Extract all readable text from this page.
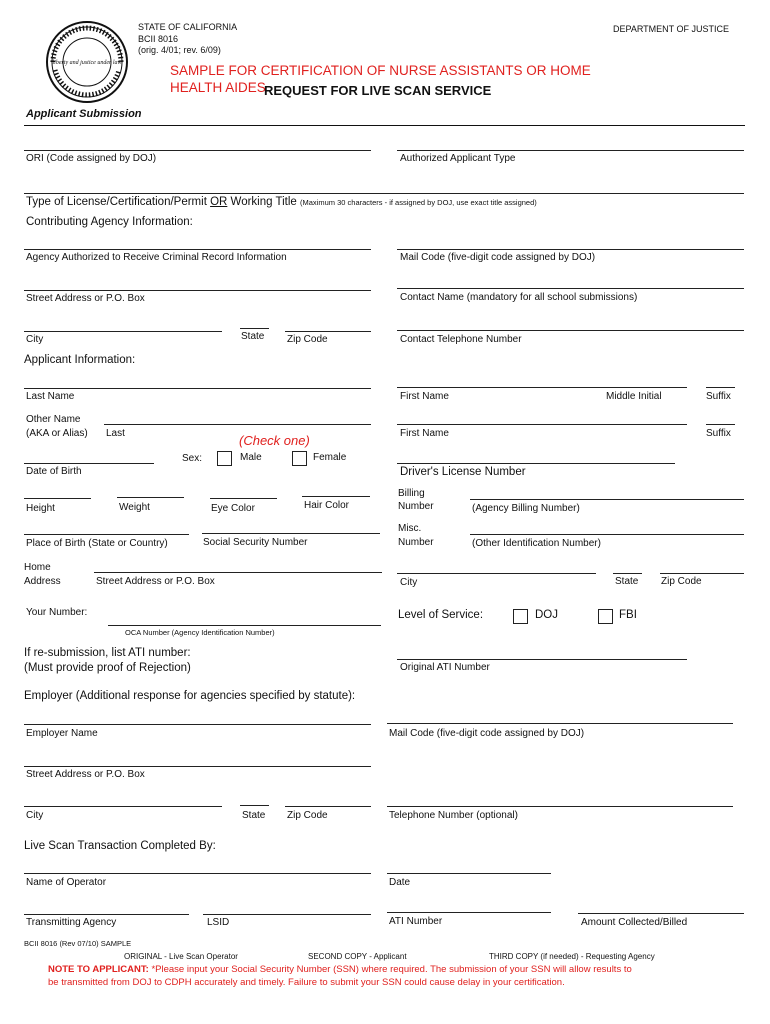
liberty and justice under law
STATE OF CALIFORNIA
BCII 8016
(orig. 4/01; rev. 6/09)
DEPARTMENT OF JUSTICE
SAMPLE FOR CERTIFICATION OF NURSE ASSISTANTS OR HOME
HEALTH AIDES
REQUEST FOR LIVE SCAN SERVICE
Applicant Submission
ORI (Code assigned by DOJ)	Authorized Applicant Type
Type of License/Certification/Permit OR Working Title (Maximum 30 characters - if assigned by DOJ, use exact title assigned)
Contributing Agency Information:
Agency Authorized to Receive Criminal Record Information	Mail Code (five-digit code assigned by DOJ)
Street Address or P.O. Box	Contact Name (mandatory for all school submissions)
City	State Zip Code	Contact Telephone Number
Applicant Information:
Last Name	First Name	Middle Initial	Suffix
Other Name
(AKA or Alias) Last	First Name	Suffix
(Check one)
Sex:	Male	Female
Date of Birth	Driver's License Number
Height	Weight	Eye Color	Hair Color
Billing
Number	(Agency Billing Number)
Place of Birth (State or Country)	Social Security Number
Misc.
Number	(Other Identification Number)
Home
Address	Street Address or P.O. Box	City	State Zip Code
Your Number:
OCA Number (Agency Identification Number)
Level of Service:	DOJ	FBI
If re-submission, list ATI number:
(Must provide proof of Rejection)	Original ATI Number
Employer (Additional response for agencies specified by statute):
Employer Name	Mail Code (five-digit code assigned by DOJ)
Street Address or P.O. Box
City	State Zip Code	Telephone Number (optional)
Live Scan Transaction Completed By:
Name of Operator	Date
Transmitting Agency	LSID	ATI Number	Amount Collected/Billed
BCII 8016 (Rev 07/10) SAMPLE
ORIGINAL - Live Scan Operator	SECOND COPY - Applicant	THIRD COPY (if needed) - Requesting Agency
NOTE TO APPLICANT: *Please input your Social Security Number (SSN) where required. The submission of your SSN will allow results to
be transmitted from DOJ to CDPH accurately and timely. Failure to submit your SSN could cause delay in your certification.
